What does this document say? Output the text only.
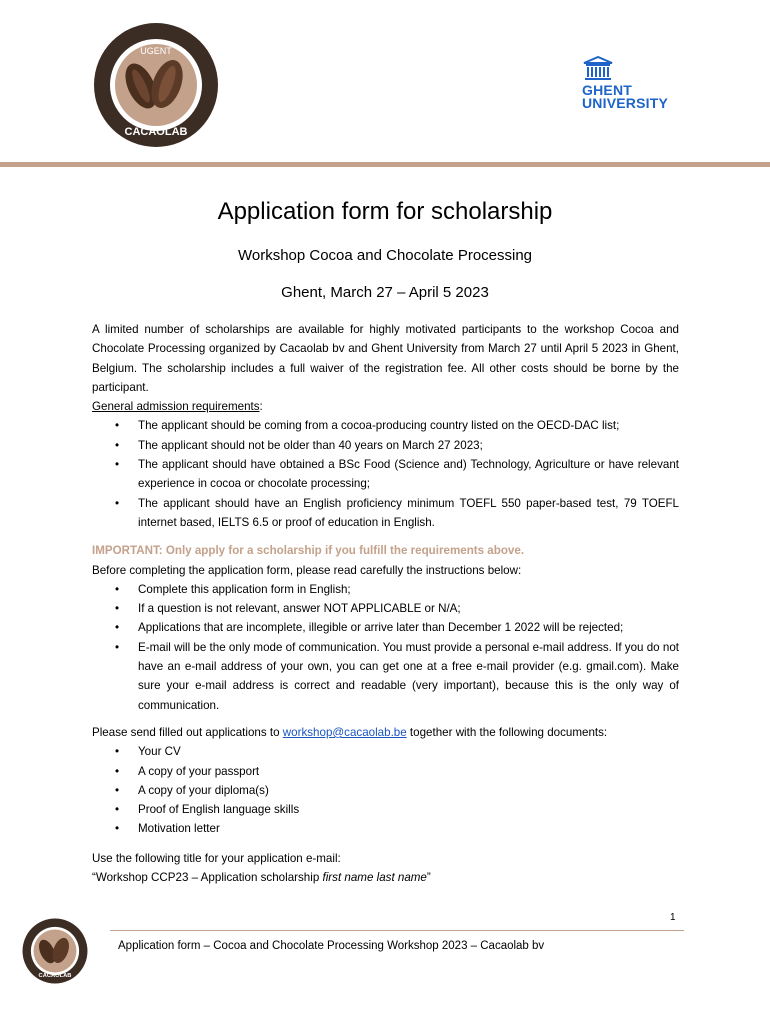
UGENT
CACAOLAB
GHENT
UNIVERSITY
Application form for scholarship
Workshop Cocoa and Chocolate Processing
Ghent, March 27 – April 5 2023

A limited number of scholarships are available for highly motivated participants to the workshop Cocoa and Chocolate Processing organized by Cacaolab bv and Ghent University from March 27 until April 5 2023 in Ghent, Belgium. The scholarship includes a full waiver of the registration fee. All other costs should be borne by the participant.

General admission requirements:

• The applicant should be coming from a cocoa-producing country listed on the OECD-DAC list;
• The applicant should not be older than 40 years on March 27 2023;
• The applicant should have obtained a BSc Food (Science and) Technology, Agriculture or have relevant experience in cocoa or chocolate processing;
• The applicant should have an English proficiency minimum TOEFL 550 paper-based test, 79 TOEFL internet based, IELTS 6.5 or proof of education in English.

IMPORTANT: Only apply for a scholarship if you fulfill the requirements above.

Before completing the application form, please read carefully the instructions below:

• Complete this application form in English;
• If a question is not relevant, answer NOT APPLICABLE or N/A;
• Applications that are incomplete, illegible or arrive later than December 1 2022 will be rejected;
• E-mail will be the only mode of communication. You must provide a personal e-mail address. If you do not have an e-mail address of your own, you can get one at a free e-mail provider (e.g. gmail.com). Make sure your e-mail address is correct and readable (very important), because this is the only way of communication.

Please send filled out applications to workshop@cacaolab.be together with the following documents:

• Your CV
• A copy of your passport
• A copy of your diploma(s)
• Proof of English language skills
• Motivation letter

Use the following title for your application e-mail:

“Workshop CCP23 – Application scholarship first name last name”

1
CACAOLAB
Application form – Cocoa and Chocolate Processing Workshop 2023 – Cacaolab bv
